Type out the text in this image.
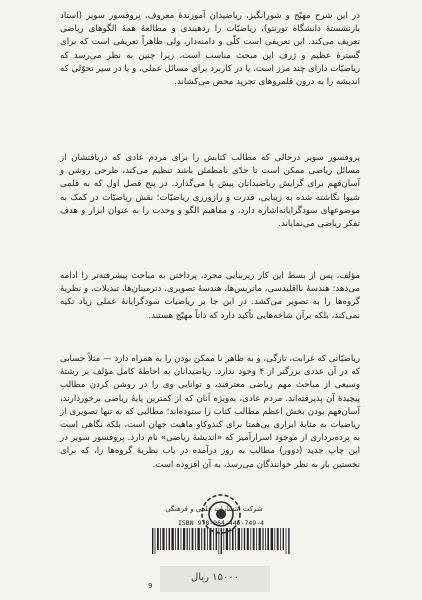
در این شرح مهیّج و شورانگیز، ریاضیدان آموزندهٔ معروف، پروفسور سویر (استاد بازنشستهٔ دانشگاه تورنتو)، ریاضیّات را ردهبندی و مطالعهٔ همهٔ الگوهای ریاضی تعریف می‌کند. این تعریفی است کلّی و دامنه‌دار، ولی ظاهراً تعریفی است که برای گسترهٔ عظیم و ژرف این مبحث مناسب است، زیرا چنین به نظر می‌رسد که ریاضیّات دارای چند مرز است، یا در کاربرد برای مسائل عملی، و یا در سیر تحوّلی که اندیشه را به درون قلمروهای تجرید محض می‌کشاند.

پروفسور سویر درحالی که مطالب کتابش را برای مردم عادی که دریافتشان از مسائل ریاضی ممکن است تا حدّی نامطمئن باشد تنظیم می‌کند، طرحی روشن و آسان‌فهم برای گرایش ریاضیدانان پیش پا می‌گذارد. در پنج فصل اول که به قلمی شیوا نگاشته شده به زیبایی، قدرت و رازورزی ریاضیّات؛ نقش ریاضیّات در کمک به موضوعهای سودگرایانه‌اشاره دارد، و مفاهیم الگو و وحدت را به عنوان ابزار و هدف تفکر ریاضی می‌نمایاند.

مؤلف، پس از بسط این کار زیربنایی مجرد، پرداختن به مباحث پیشرفته‌تر را ادامه می‌دهد: هندسهٔ نااقلیدسی، ماتریس‌ها، هندسهٔ تصویری، دترمینان‌ها، تبدیلات، و نظریهٔ گروه‌ها را به تصویر می‌کشد. در این جا بر ریاضیات سودگرایانهٔ عملی زیاد تکیه نمی‌کند، بلکه برآن شاخه‌هایی تأکید دارد که ذاتاً مهیّج هستند.

ریاضیّاتی که غرابت، تازگی، و به ظاهر نا ممکن بودن را به همراه دارد — مثلاً حسابی که در آن عددی بزرگتر از ۴ وجود ندارد. ریاضیدانان به احاطهٔ کامل مؤلف بر رشتهٔ وسیعی از مباحث مهم ریاضی معترفند، و توانایی وی را در روشن کردن مطالب پیچیدهٔ آن پذیرفته‌اند. مردم عادی، به‌ویژه آنان که از کمترین پایهٔ ریاضی برخوردارند، آسان‌فهم بودن بخش اعظم مطالب کتاب را ستوده‌اند؛ مطالبی که نه تنها تصویری از ریاضیات به مثابهٔ ابزاری بی‌همتا برای کندوکاو ماهیت جهان است، بلکه نگاهی است به پرده‌برداری از موجود اسرارآمیز که «اندیشهٔ ریاضی» نام دارد. پروفسور سویر در این چاپ جدید (دوور) مطالب به روز درآمده در باب نظریهٔ گروه‌ها را، که برای نخستین بار به نظر خوانندگان می‌رسد، به آن افزوده است.

شرکت انتشارات علمی و فرهنگی
ISBN 978-964-445-749-4
۱۵۰۰۰ ریال
9
